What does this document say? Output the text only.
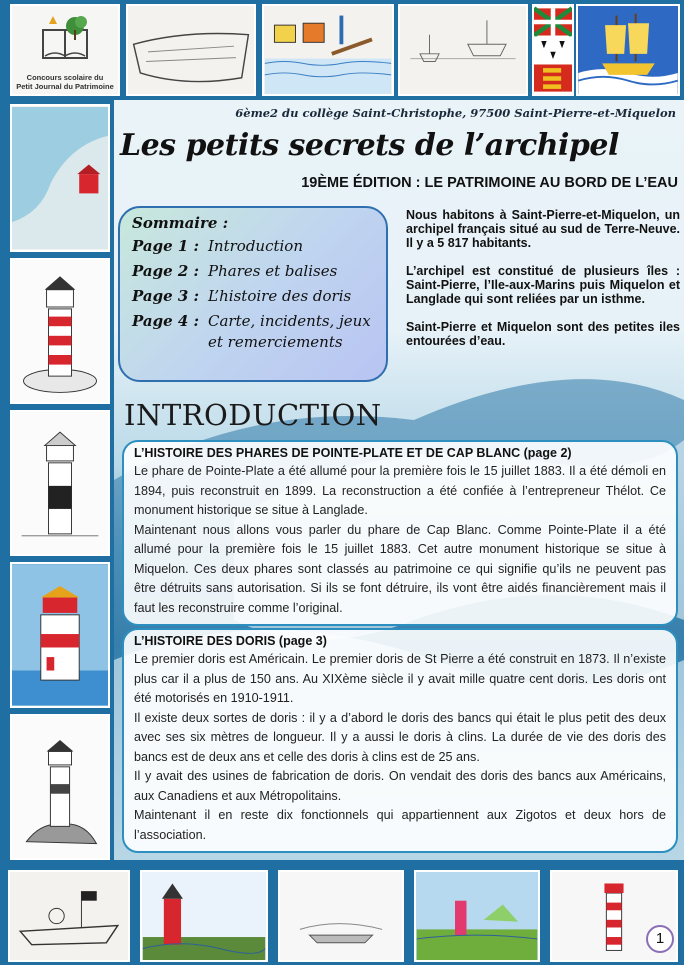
Concours scolaire du
Petit Journal du Patrimoine
6ème2 du collège Saint-Christophe, 97500 Saint-Pierre-et-Miquelon
Les petits secrets de l’archipel
19ÈME ÉDITION : LE PATRIMOINE AU BORD DE L’EAU
Sommaire :
Page 1 : Introduction
Page 2 : Phares et balises
Page 3 : L’histoire des doris
Page 4 : Carte, incidents, jeux et remerciements

Nous habitons à Saint-Pierre-et-Miquelon, un archipel français situé au sud de Terre-Neuve. Il y a 5 817 habitants.

L’archipel est constitué de plusieurs îles : Saint-Pierre, l’Ile-aux-Marins puis Miquelon et Langlade qui sont reliées par un isthme.

Saint-Pierre et Miquelon sont des petites iles entourées d’eau.

INTRODUCTION
L’HISTOIRE DES PHARES DE POINTE-PLATE ET DE CAP BLANC (page 2)

Le phare de Pointe-Plate a été allumé pour la première fois le 15 juillet 1883. Il a été démoli en 1894, puis reconstruit en 1899. La reconstruction a été confiée à l’entrepreneur Thélot. Ce monument historique se situe à Langlade.

Maintenant nous allons vous parler du phare de Cap Blanc. Comme Pointe-Plate il a été allumé pour la première fois le 15 juillet 1883. Cet autre monument historique se situe à Miquelon. Ces deux phares sont classés au patrimoine ce qui signifie qu’ils ne peuvent pas être détruits sans autorisation. Si ils se font détruire, ils vont être aidés financièrement mais il faut les reconstruire comme l’original.

L’HISTOIRE DES DORIS (page 3)

Le premier doris est Américain. Le premier doris de St Pierre a été construit en 1873. Il n’existe plus car il a plus de 150 ans. Au XIXème siècle il y avait mille quatre cent doris. Les doris ont été motorisés en 1910-1911.

Il existe deux sortes de doris : il y a d’abord le doris des bancs qui était le plus petit des deux avec ses six mètres de longueur. Il y a aussi le doris à clins. La durée de vie des doris des bancs est de deux ans et celle des doris à clins est de 25 ans.

Il y avait des usines de fabrication de doris. On vendait des doris des bancs aux Américains, aux Canadiens et aux Métropolitains.

Maintenant il en reste dix fonctionnels qui appartiennent aux Zigotos et deux hors de l’association.

1
